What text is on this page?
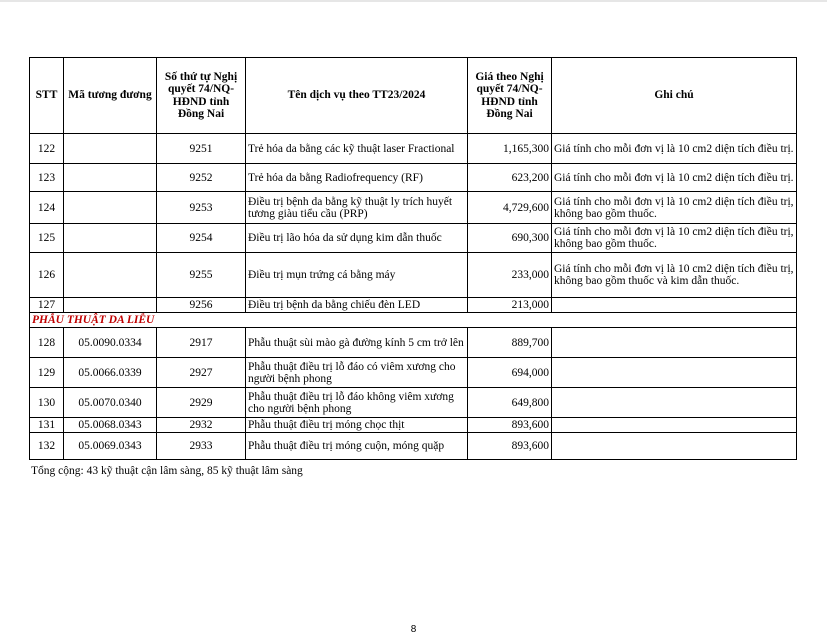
STT	Mã tương đương	Số thứ tự Nghị quyết 74/NQ-HĐND tỉnh Đồng Nai	Tên dịch vụ theo TT23/2024	Giá theo Nghị quyết 74/NQ-HĐND tỉnh Đồng Nai	Ghi chú
122		9251	Trẻ hóa da bằng các kỹ thuật laser Fractional	1,165,300	Giá tính cho mỗi đơn vị là 10 cm2 diện tích điều trị.
123		9252	Trẻ hóa da bằng Radiofrequency (RF)	623,200	Giá tính cho mỗi đơn vị là 10 cm2 diện tích điều trị.
124		9253	Điều trị bệnh da bằng kỹ thuật ly trích huyết tương giàu tiểu cầu (PRP)	4,729,600	Giá tính cho mỗi đơn vị là 10 cm2 diện tích điều trị, không bao gồm thuốc.
125		9254	Điều trị lão hóa da sử dụng kim dẫn thuốc	690,300	Giá tính cho mỗi đơn vị là 10 cm2 diện tích điều trị, không bao gồm thuốc.
126		9255	Điều trị mụn trứng cá bằng máy	233,000	Giá tính cho mỗi đơn vị là 10 cm2 diện tích điều trị, không bao gồm thuốc và kim dẫn thuốc.
127		9256	Điều trị bệnh da bằng chiếu đèn LED	213,000	
PHẪU THUẬT DA LIỄU					
128	05.0090.0334	2917	Phẫu thuật sùi mào gà đường kính 5 cm trở lên	889,700	
129	05.0066.0339	2927	Phẫu thuật điều trị lỗ đáo có viêm xương cho người bệnh phong	694,000	
130	05.0070.0340	2929	Phẫu thuật điều trị lỗ đáo không viêm xương cho người bệnh phong	649,800	
131	05.0068.0343	2932	Phẫu thuật điều trị móng chọc thịt	893,600	
132	05.0069.0343	2933	Phẫu thuật điều trị móng cuộn, móng quặp	893,600	
Tổng cộng: 43 kỹ thuật cận lâm sàng, 85 kỹ thuật lâm sàng
8
